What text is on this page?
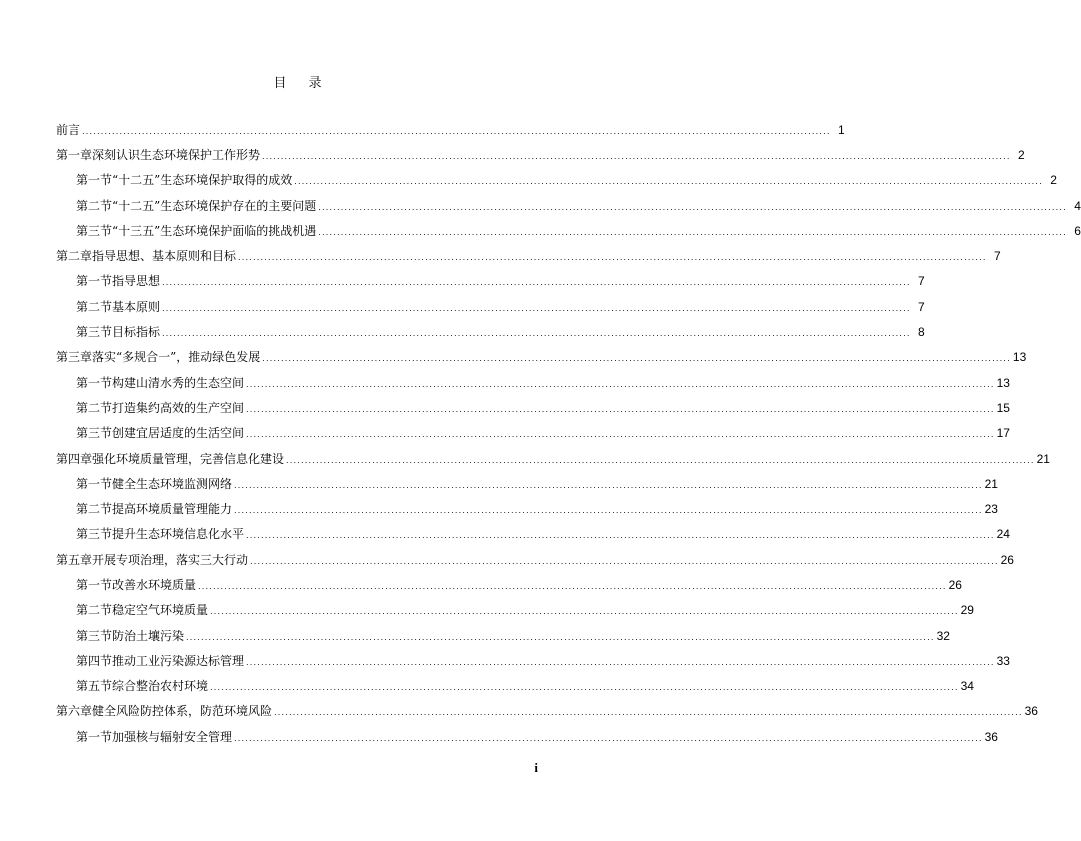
目 录
前 言 ........................................................................................................................................................................................................ 1
第一章 深刻认识生态环境保护工作形势 ........................................................................................................................................................................................................ 2
第一节 “十二五”生态环境保护取得的成效 ........................................................................................................................................................................................................ 2
第二节 “十二五”生态环境保护存在的主要问题 ........................................................................................................................................................................................................ 4
第三节 “十三五”生态环境保护面临的挑战机遇 ........................................................................................................................................................................................................ 6
第二章 指导思想、基本原则和目标 ........................................................................................................................................................................................................ 7
第一节 指导思想 ........................................................................................................................................................................................................ 7
第二节 基本原则 ........................................................................................................................................................................................................ 7
第三节 目标指标 ........................................................................................................................................................................................................ 8
第三章 落实“多规合一”，推动绿色发展 ........................................................................................................................................................................................................ 13
第一节 构建山清水秀的生态空间 ........................................................................................................................................................................................................ 13
第二节 打造集约高效的生产空间 ........................................................................................................................................................................................................ 15
第三节 创建宜居适度的生活空间 ........................................................................................................................................................................................................ 17
第四章 强化环境质量管理，完善信息化建设 ........................................................................................................................................................................................................ 21
第一节 健全生态环境监测网络 ........................................................................................................................................................................................................ 21
第二节 提高环境质量管理能力 ........................................................................................................................................................................................................ 23
第三节 提升生态环境信息化水平 ........................................................................................................................................................................................................ 24
第五章 开展专项治理，落实三大行动 ........................................................................................................................................................................................................ 26
第一节 改善水环境质量 ........................................................................................................................................................................................................ 26
第二节 稳定空气环境质量 ........................................................................................................................................................................................................ 29
第三节 防治土壤污染 ........................................................................................................................................................................................................ 32
第四节 推动工业污染源达标管理 ........................................................................................................................................................................................................ 33
第五节 综合整治农村环境 ........................................................................................................................................................................................................ 34
第六章 健全风险防控体系，防范环境风险 ........................................................................................................................................................................................................ 36
第一节 加强核与辐射安全管理 ........................................................................................................................................................................................................ 36
i
